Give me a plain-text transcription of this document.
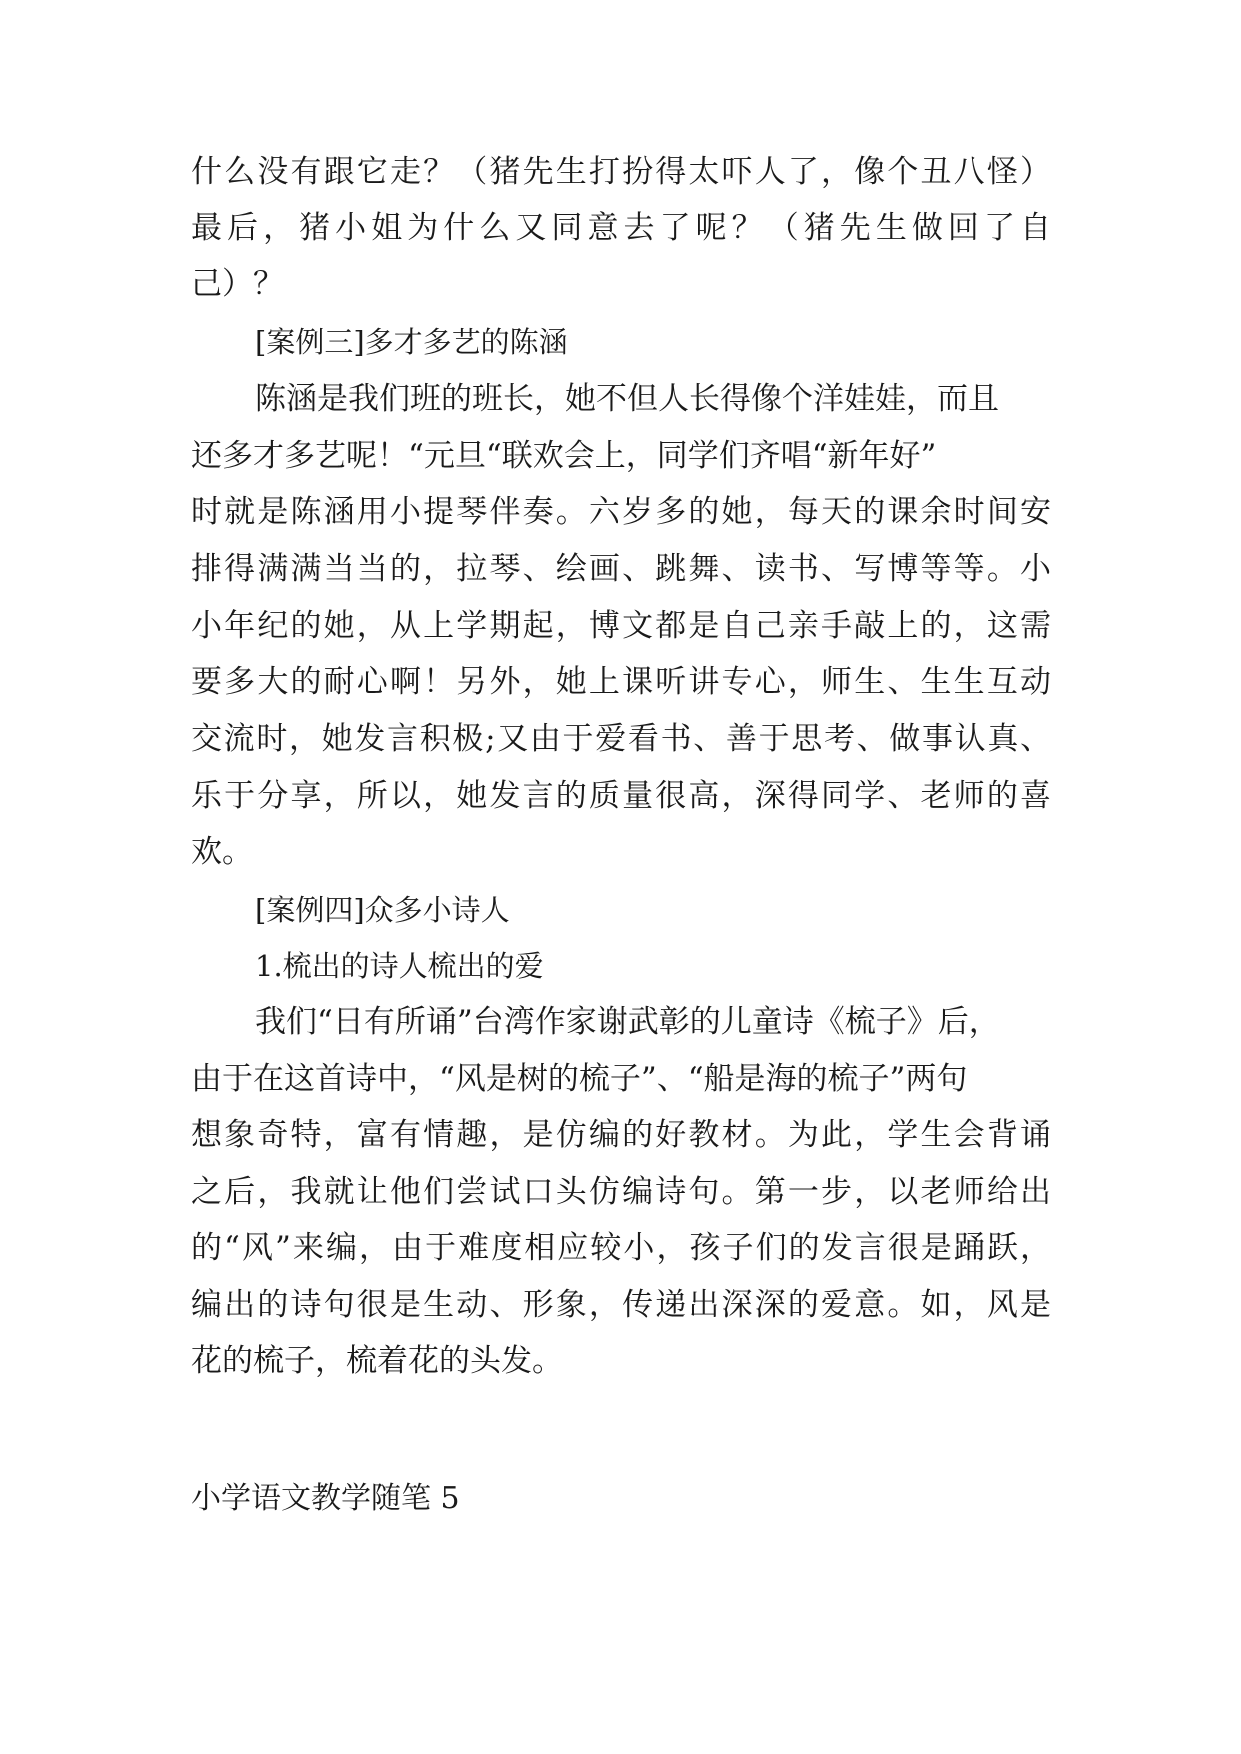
什么没有跟它走？（猪先生打扮得太吓人了，像个丑八怪）
最后，猪小姐为什么又同意去了呢？（猪先生做回了自
己）？
[案例三]多才多艺的陈涵
陈涵是我们班的班长，她不但人长得像个洋娃娃，而且
还多才多艺呢！“元旦“联欢会上，同学们齐唱“新年好”
时就是陈涵用小提琴伴奏。六岁多的她，每天的课余时间安
排得满满当当的，拉琴、绘画、跳舞、读书、写博等等。小
小年纪的她，从上学期起，博文都是自己亲手敲上的，这需
要多大的耐心啊！另外，她上课听讲专心，师生、生生互动
交流时，她发言积极;又由于爱看书、善于思考、做事认真、
乐于分享，所以，她发言的质量很高，深得同学、老师的喜
欢。
[案例四]众多小诗人
1.梳出的诗人梳出的爱
我们“日有所诵”台湾作家谢武彰的儿童诗《梳子》后，
由于在这首诗中，“风是树的梳子”、“船是海的梳子”两句
想象奇特，富有情趣，是仿编的好教材。为此，学生会背诵
之后，我就让他们尝试口头仿编诗句。第一步，以老师给出
的“风”来编，由于难度相应较小，孩子们的发言很是踊跃，
编出的诗句很是生动、形象，传递出深深的爱意。如，风是
花的梳子，梳着花的头发。
小学语文教学随笔 5
